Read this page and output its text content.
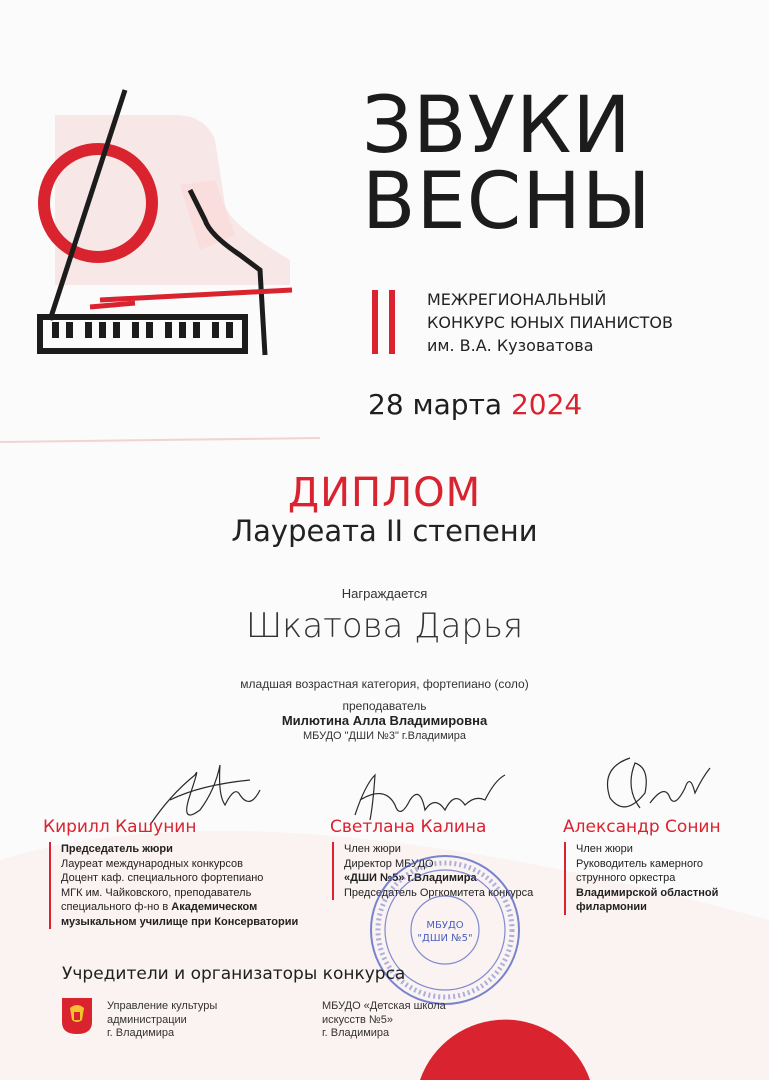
ЗВУКИ
ВЕСНЫ
МЕЖРЕГИОНАЛЬНЫЙ
КОНКУРС ЮНЫХ ПИАНИСТОВ
им. В.А. Кузоватова
28 марта 2024
ДИПЛОМ
Лауреата II степени
Награждается
Шкатова Дарья
младшая возрастная категория, фортепиано (соло)
преподаватель
Милютина Алла Владимировна
МБУДО "ДШИ №3" г.Владимира
Кирилл Кашунин	Светлана Калина	Александр Сонин
Председатель жюри
Лауреат международных конкурсов
Доцент каф. специального фортепиано
МГК им. Чайковского, преподаватель
специального ф-но в Академическом
музыкальном училище при Консерватории
Член жюри
Директор МБУДО
«ДШИ №5» г.Владимира
Председатель Оргкомитета конкурса
Член жюри
Руководитель камерного
струнного оркестра
Владимирской областной
филармонии
МБУДО
"ДШИ №5"
Учредители и организаторы конкурса
Управление культуры
администрации
г. Владимира
МБУДО «Детская школа
искусств №5»
г. Владимира
